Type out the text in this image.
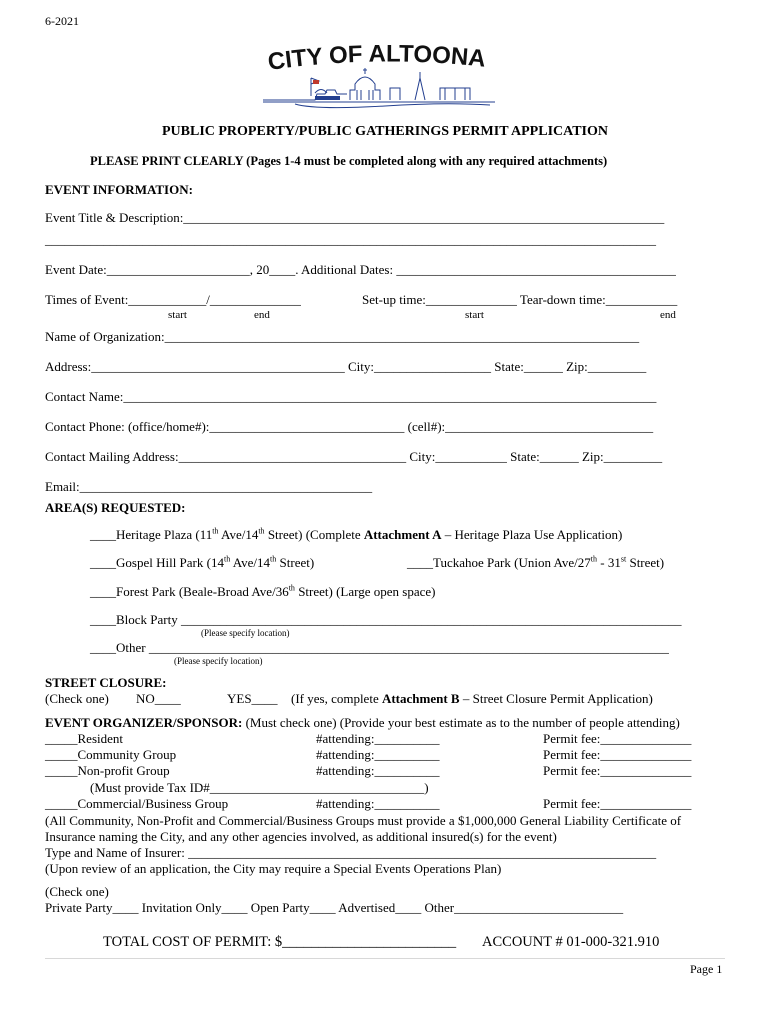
6-2021
CITY OF ALTOONA
PUBLIC PROPERTY/PUBLIC GATHERINGS PERMIT APPLICATION
PLEASE PRINT CLEARLY (Pages 1-4 must be completed along with any required attachments)
EVENT INFORMATION:
Event Title & Description:__________________________________________________________________________
______________________________________________________________________________________________
Event Date:______________________, 20____. Additional Dates: ___________________________________________
Times of Event:____________/______________	Set-up time:______________ Tear-down time:___________
start	end	start	end
Name of Organization:_________________________________________________________________________
Address:_______________________________________ City:__________________ State:______ Zip:_________
Contact Name:__________________________________________________________________________________
Contact Phone: (office/home#):______________________________ (cell#):________________________________
Contact Mailing Address:___________________________________ City:___________ State:______ Zip:_________
Email:_____________________________________________
AREA(S) REQUESTED:
____Heritage Plaza (11th Ave/14th Street) (Complete Attachment A – Heritage Plaza Use Application)
____Gospel Hill Park (14th Ave/14th Street)	____Tuckahoe Park (Union Ave/27th - 31st Street)
____Forest Park (Beale-Broad Ave/36th Street) (Large open space)
____Block Party _____________________________________________________________________________
(Please specify location)
____Other ________________________________________________________________________________
(Please specify location)
STREET CLOSURE:
(Check one) NO____	YES____ (If yes, complete Attachment B – Street Closure Permit Application)
EVENT ORGANIZER/SPONSOR: (Must check one) (Provide your best estimate as to the number of people attending)
_____Resident	#attending:__________	Permit fee:______________
_____Community Group	#attending:__________	Permit fee:______________
_____Non-profit Group	#attending:__________	Permit fee:______________
(Must provide Tax ID#_________________________________)
_____Commercial/Business Group	#attending:__________	Permit fee:______________
(All Community, Non-Profit and Commercial/Business Groups must provide a $1,000,000 General Liability Certificate of
Insurance naming the City, and any other agencies involved, as additional insured(s) for the event)
Type and Name of Insurer: ________________________________________________________________________
(Upon review of an application, the City may require a Special Events Operations Plan)
(Check one)
Private Party____ Invitation Only____ Open Party____ Advertised____ Other__________________________
TOTAL COST OF PERMIT: $________________________ ACCOUNT # 01-000-321.910
Page 1
